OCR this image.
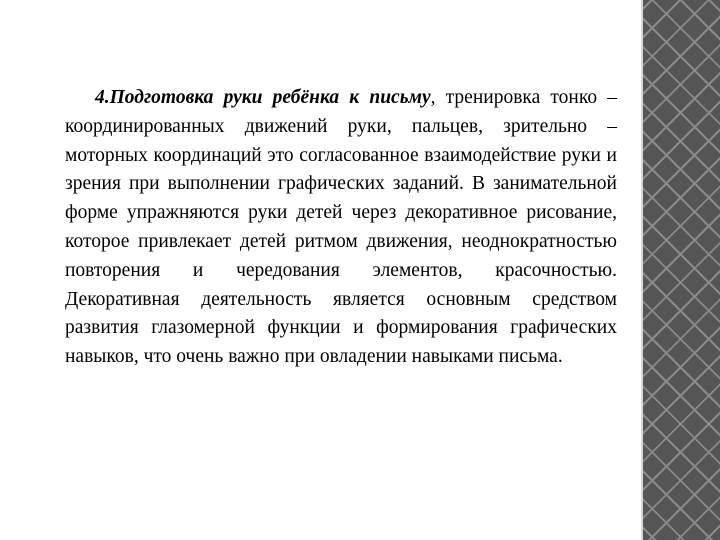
4.Подготовка руки ребёнка к письму, тренировка тонко – координированных движений руки, пальцев, зрительно – моторных координаций это согласованное взаимодействие руки и зрения при выполнении графических заданий. В занимательной форме упражняются руки детей через декоративное рисование, которое привлекает детей ритмом движения, неоднократностью повторения и чередования элементов, красочностью. Декоративная деятельность является основным средством развития глазомерной функции и формирования графических навыков, что очень важно при овладении навыками письма.
